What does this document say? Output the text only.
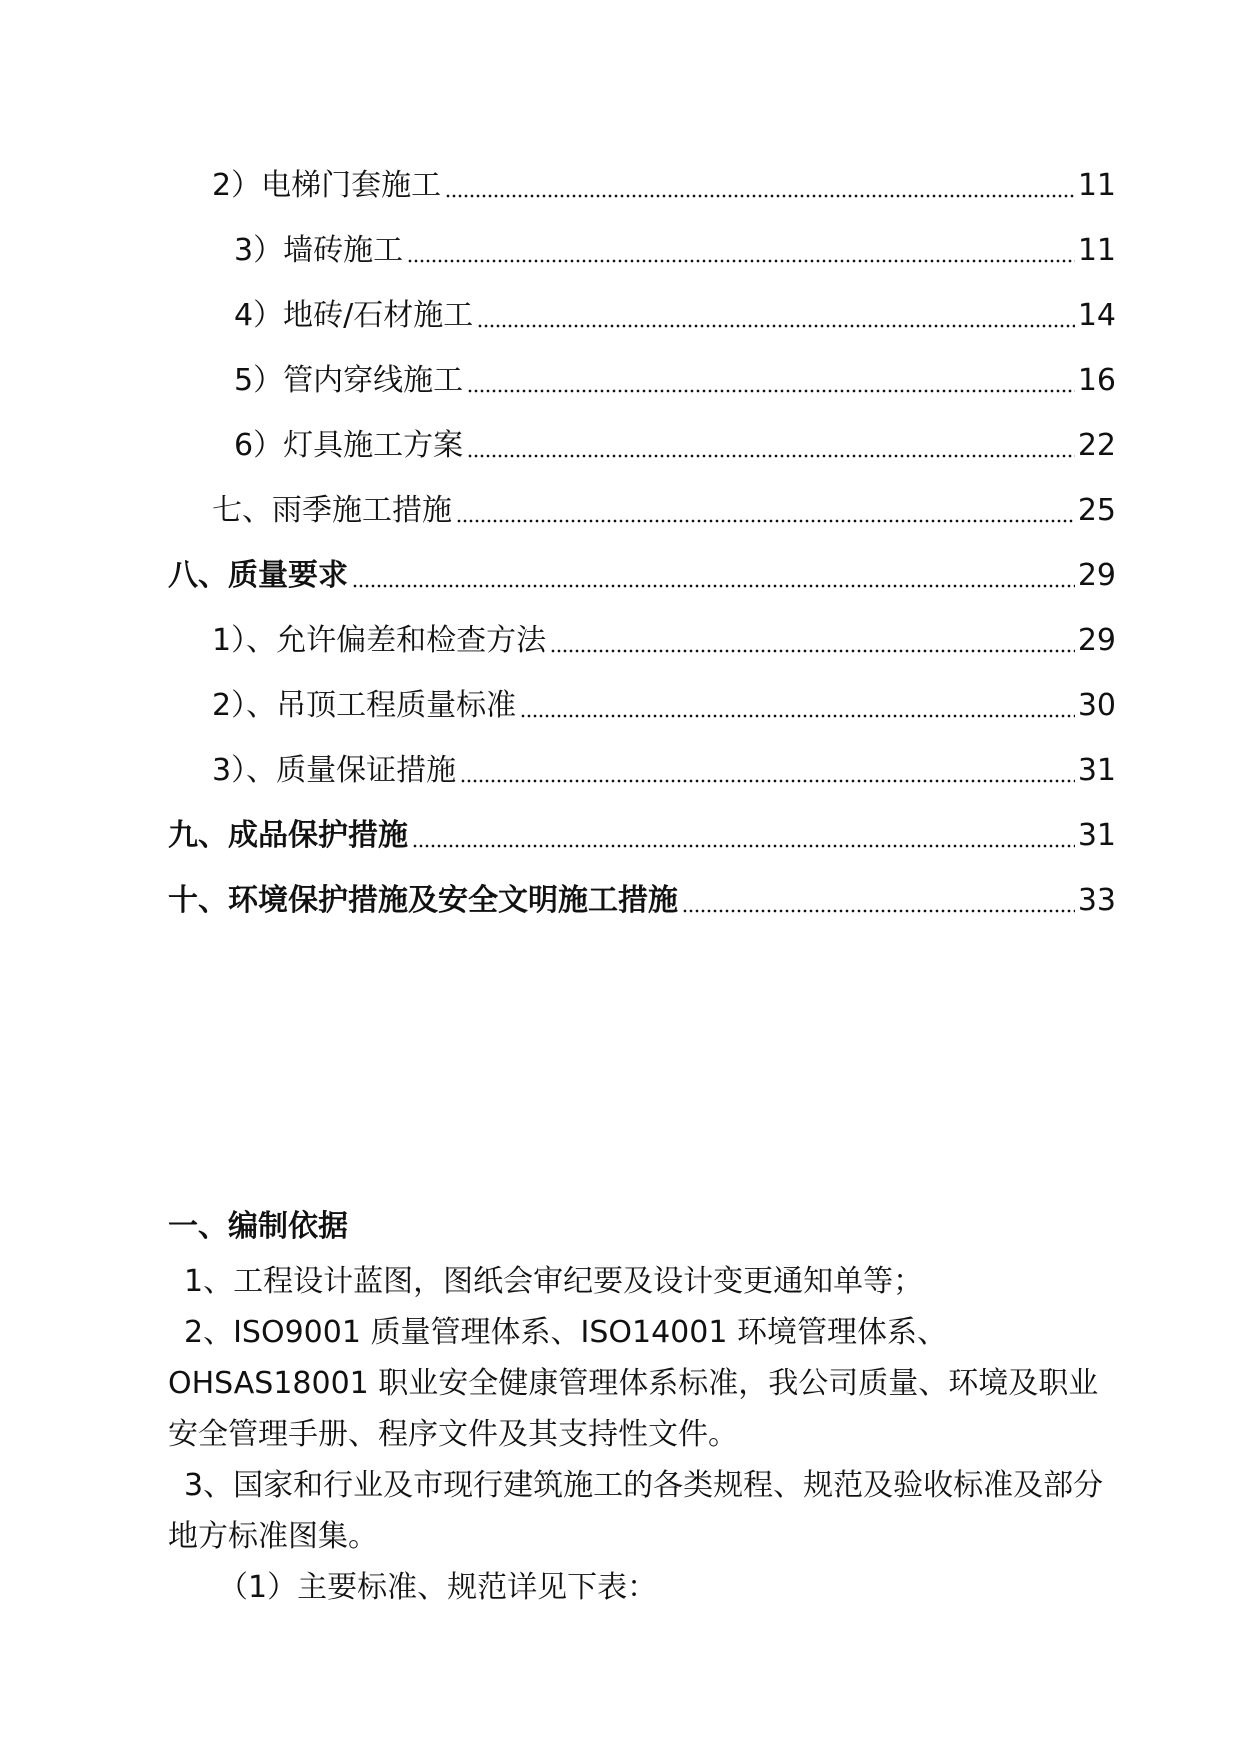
2）电梯门套施工	11
3）墙砖施工	11
4）地砖/石材施工	14
5）管内穿线施工	16
6）灯具施工方案	22
七、雨季施工措施	25
八、质量要求	29
1）、允许偏差和检查方法	29
2）、吊顶工程质量标准	30
3）、质量保证措施	31
九、成品保护措施	31
十、环境保护措施及安全文明施工措施	33
一、编制依据

1、工程设计蓝图，图纸会审纪要及设计变更通知单等；

2、ISO9001 质量管理体系、ISO14001 环境管理体系、OHSAS18001 职业安全健康管理体系标准，我公司质量、环境及职业安全管理手册、程序文件及其支持性文件。

3、国家和行业及市现行建筑施工的各类规程、规范及验收标准及部分地方标准图集。

（1）主要标准、规范详见下表：
